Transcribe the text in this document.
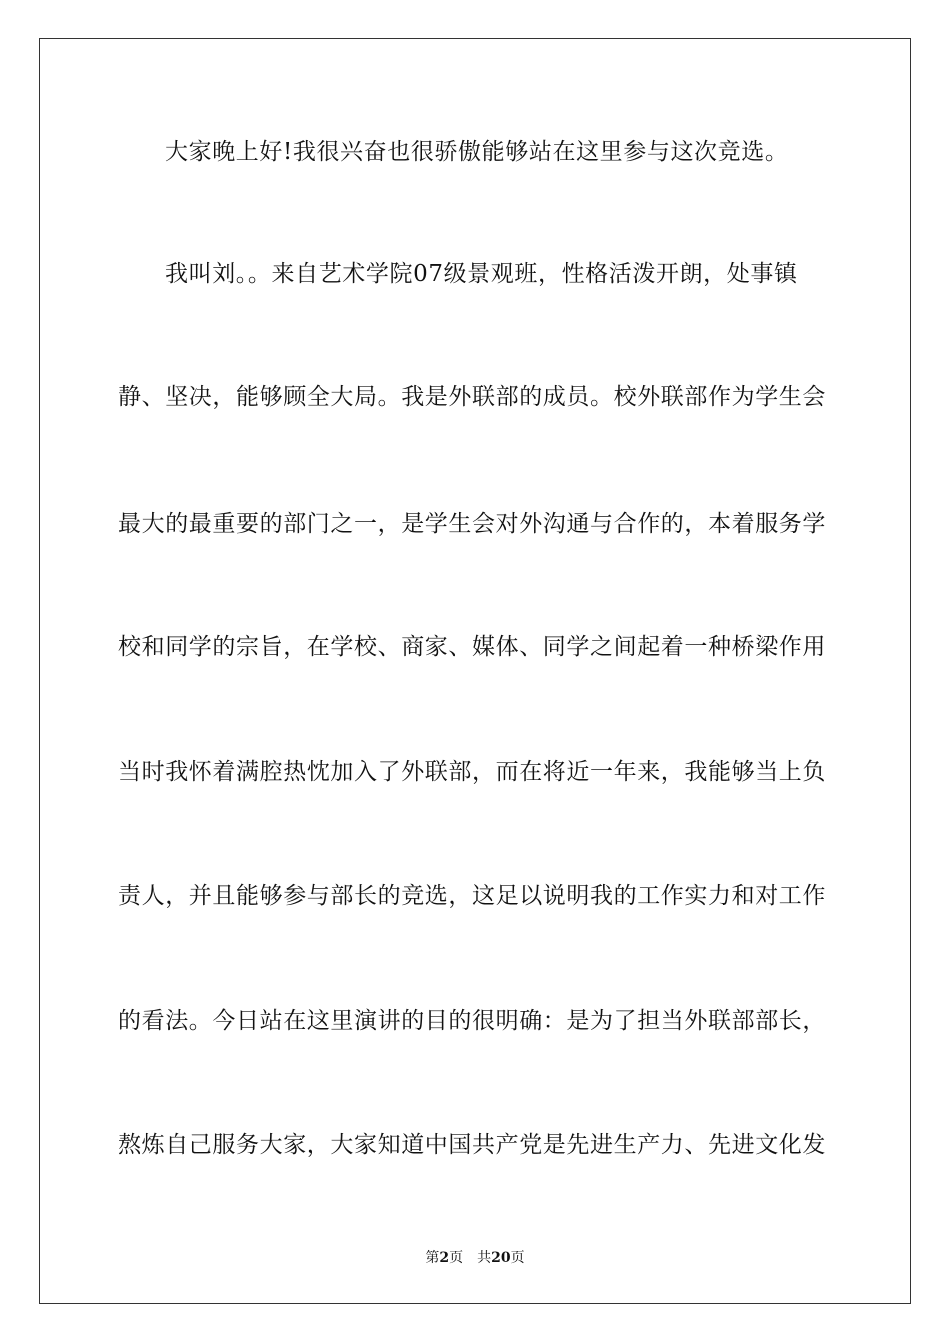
大家晚上好!我很兴奋也很骄傲能够站在这里参与这次竞选。
我叫刘。。来自艺术学院07级景观班，性格活泼开朗，处事镇
静、坚决，能够顾全大局。我是外联部的成员。校外联部作为学生会
最大的最重要的部门之一，是学生会对外沟通与合作的，本着服务学
校和同学的宗旨，在学校、商家、媒体、同学之间起着一种桥梁作用
当时我怀着满腔热忱加入了外联部，而在将近一年来，我能够当上负
责人，并且能够参与部长的竞选，这足以说明我的工作实力和对工作
的看法。今日站在这里演讲的目的很明确：是为了担当外联部部长，
熬炼自己服务大家，大家知道中国共产党是先进生产力、先进文化发
第2页 共20页
